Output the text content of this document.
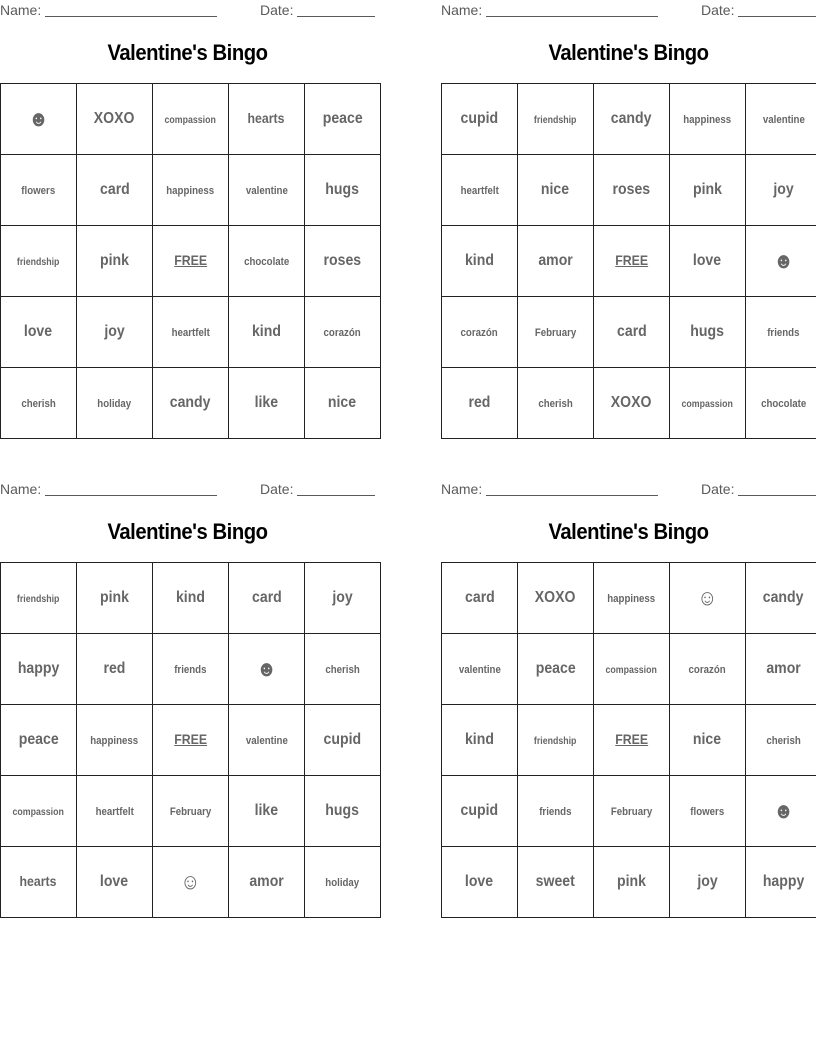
Name:	Date:
Valentine's Bingo
☻	XOXO	compassion	hearts	peace
flowers	card	happiness	valentine	hugs
friendship	pink	FREE	chocolate	roses
love	joy	heartfelt	kind	corazón
cherish	holiday	candy	like	nice
Name:	Date:
Valentine's Bingo
cupid	friendship	candy	happiness	valentine
heartfelt	nice	roses	pink	joy
kind	amor	FREE	love	☻
corazón	February	card	hugs	friends
red	cherish	XOXO	compassion	chocolate
Name:	Date:
Valentine's Bingo
friendship	pink	kind	card	joy
happy	red	friends	☻	cherish
peace	happiness	FREE	valentine	cupid
compassion	heartfelt	February	like	hugs
hearts	love	☺	amor	holiday
Name:	Date:
Valentine's Bingo
card	XOXO	happiness	☺	candy
valentine	peace	compassion	corazón	amor
kind	friendship	FREE	nice	cherish
cupid	friends	February	flowers	☻
love	sweet	pink	joy	happy
